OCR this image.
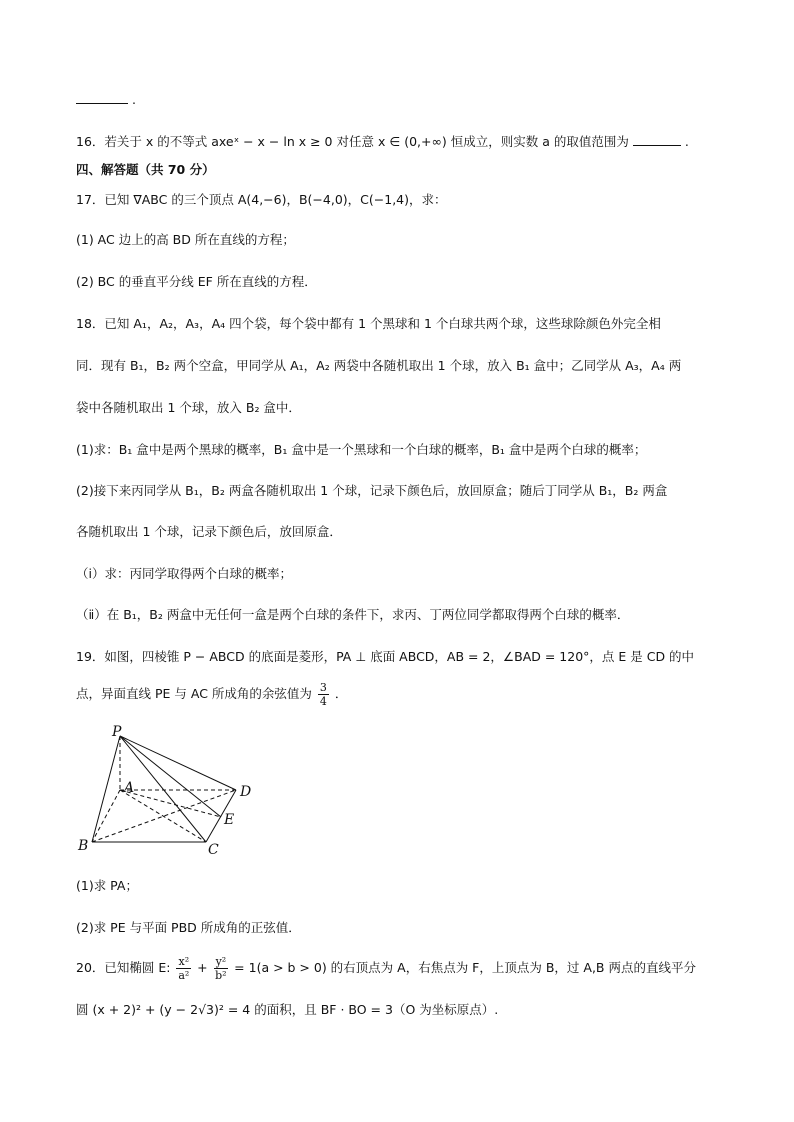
.
16．若关于 x 的不等式 axeˣ − x − ln x ≥ 0 对任意 x ∈ (0,+∞) 恒成立，则实数 a 的取值范围为	.
四、解答题（共 70 分）
17．已知 ∇ABC 的三个顶点 A(4,−6)，B(−4,0)，C(−1,4)，求：
(1) AC 边上的高 BD 所在直线的方程；
(2) BC 的垂直平分线 EF 所在直线的方程．
18．已知 A₁，A₂，A₃，A₄ 四个袋，每个袋中都有 1 个黑球和 1 个白球共两个球，这些球除颜色外完全相
同．现有 B₁，B₂ 两个空盒，甲同学从 A₁，A₂ 两袋中各随机取出 1 个球，放入 B₁ 盒中；乙同学从 A₃，A₄ 两
袋中各随机取出 1 个球，放入 B₂ 盒中．
(1)求：B₁ 盒中是两个黑球的概率，B₁ 盒中是一个黑球和一个白球的概率，B₁ 盒中是两个白球的概率；
(2)接下来丙同学从 B₁，B₂ 两盒各随机取出 1 个球，记录下颜色后，放回原盒；随后丁同学从 B₁，B₂ 两盒
各随机取出 1 个球，记录下颜色后，放回原盒．
（ⅰ）求：丙同学取得两个白球的概率；
（ⅱ）在 B₁，B₂ 两盒中无任何一盒是两个白球的条件下，求丙、丁两位同学都取得两个白球的概率．
19．如图，四棱锥 P − ABCD 的底面是菱形，PA ⊥ 底面 ABCD，AB = 2，∠BAD = 120°，点 E 是 CD 的中
点，异面直线 PE 与 AC 所成角的余弦值为 $\frac{3}{4}$ ．
P
A
B	C
D
E
(1)求 PA；
(2)求 PE 与平面 PBD 所成角的正弦值．
20．已知椭圆 E: $\frac{\text{x²}}{\text{a²}} + \frac{\text{y²}}{\text{b²}} = 1(a > b > 0)$ 的右顶点为 A，右焦点为 F，上顶点为 B，过 A,B 两点的直线平分
圆 (x + 2)² + (y − 2√3)² = 4 的面积，且 BF · BO = 3（O 为坐标原点）.
